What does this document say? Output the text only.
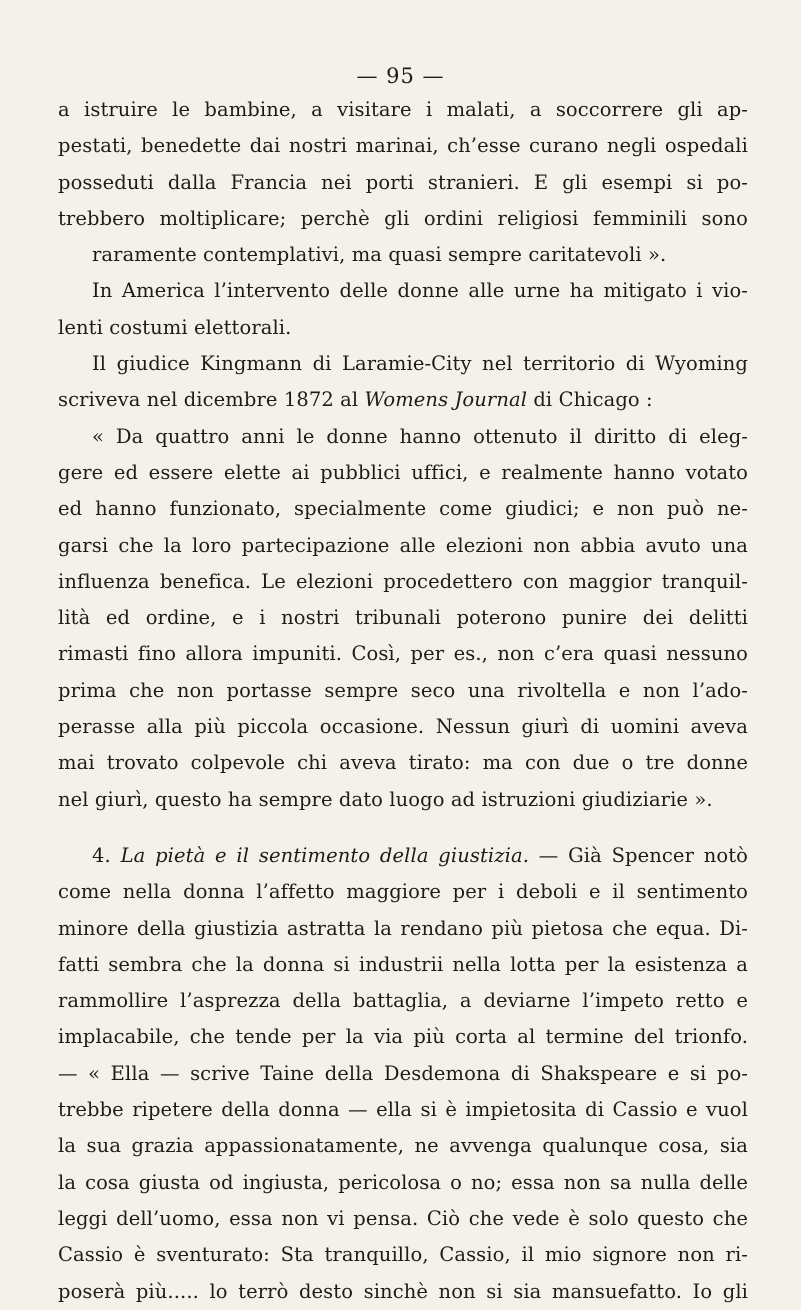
— 95 —
a istruire le bambine, a visitare i malati, a soccorrere gli ap-
pestati, benedette dai nostri marinai, ch’esse curano negli ospedali
posseduti dalla Francia nei porti stranieri. E gli esempi si po-
trebbero moltiplicare; perchè gli ordini religiosi femminili sono
raramente contemplativi, ma quasi sempre caritatevoli ».
In America l’intervento delle donne alle urne ha mitigato i vio-
lenti costumi elettorali.
Il giudice Kingmann di Laramie-City nel territorio di Wyoming
scriveva nel dicembre 1872 al Womens Journal di Chicago :
« Da quattro anni le donne hanno ottenuto il diritto di eleg-
gere ed essere elette ai pubblici uffici, e realmente hanno votato
ed hanno funzionato, specialmente come giudici; e non può ne-
garsi che la loro partecipazione alle elezioni non abbia avuto una
influenza benefica. Le elezioni procedettero con maggior tranquil-
lità ed ordine, e i nostri tribunali poterono punire dei delitti
rimasti fino allora impuniti. Così, per es., non c’era quasi nessuno
prima che non portasse sempre seco una rivoltella e non l’ado-
perasse alla più piccola occasione. Nessun giurì di uomini aveva
mai trovato colpevole chi aveva tirato: ma con due o tre donne
nel giurì, questo ha sempre dato luogo ad istruzioni giudiziarie ».
4. La pietà e il sentimento della giustizia. — Già Spencer notò
come nella donna l’affetto maggiore per i deboli e il sentimento
minore della giustizia astratta la rendano più pietosa che equa. Di-
fatti sembra che la donna si industrii nella lotta per la esistenza a
rammollire l’asprezza della battaglia, a deviarne l’impeto retto e
implacabile, che tende per la via più corta al termine del trionfo.
— « Ella — scrive Taine della Desdemona di Shakspeare e si po-
trebbe ripetere della donna — ella si è impietosita di Cassio e vuol
la sua grazia appassionatamente, ne avvenga qualunque cosa, sia
la cosa giusta od ingiusta, pericolosa o no; essa non sa nulla delle
leggi dell’uomo, essa non vi pensa. Ciò che vede è solo questo che
Cassio è sventurato: Sta tranquillo, Cassio, il mio signore non ri-
poserà più..... lo terrò desto sinchè non si sia mansuefatto. Io gli
